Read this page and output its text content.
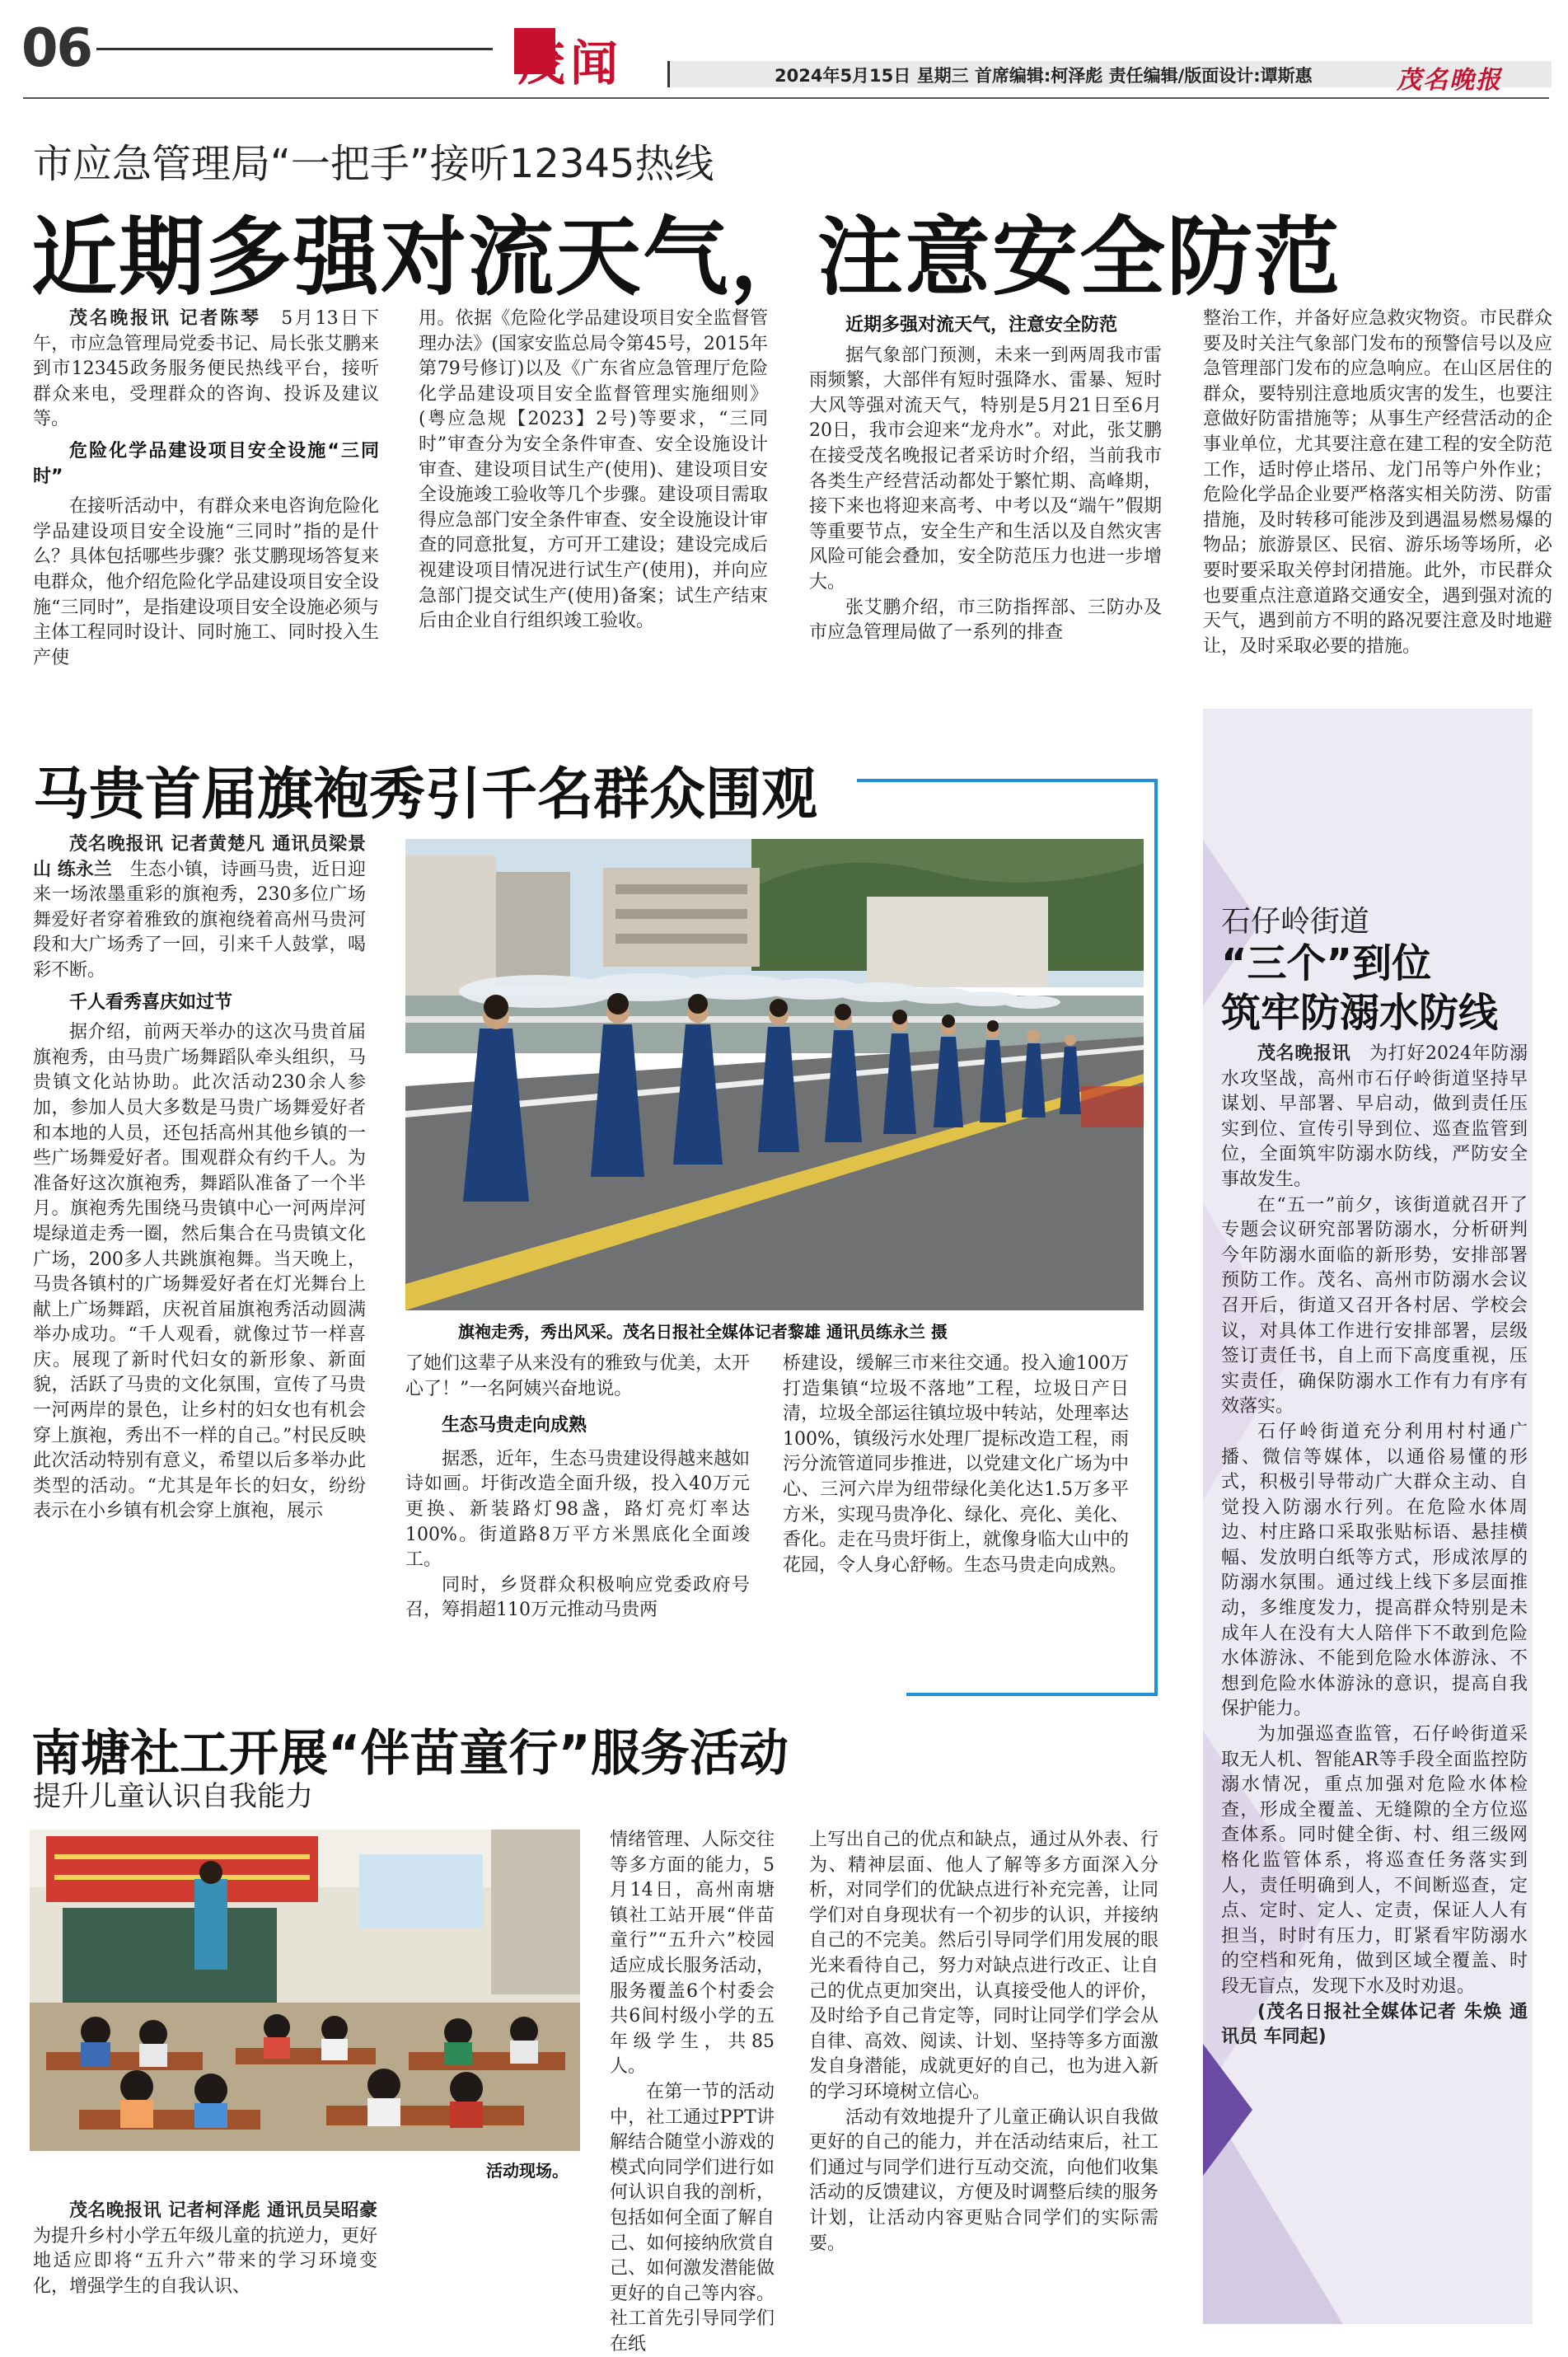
06	茂闻	2024年5月15日 星期三 首席编辑:柯泽彪 责任编辑/版面设计:谭斯惠	茂名晚报
市应急管理局“一把手”接听12345热线
近期多强对流天气，注意安全防范

茂名晚报讯 记者陈琴　 5月13日下午，市应急管理局党委书记、局长张艾鹏来到市12345政务服务便民热线平台，接听群众来电，受理群众的咨询、投诉及建议等。

危险化学品建设项目安全设施“三同时”

在接听活动中，有群众来电咨询危险化学品建设项目安全设施“三同时”指的是什么？具体包括哪些步骤？张艾鹏现场答复来电群众，他介绍危险化学品建设项目安全设施“三同时”，是指建设项目安全设施必须与主体工程同时设计、同时施工、同时投入生产使

用。依据《危险化学品建设项目安全监督管理办法》(国家安监总局令第45号，2015年第79号修订)以及《广东省应急管理厅危险化学品建设项目安全监督管理实施细则》(粤应急规【2023】2号)等要求，“三同时”审查分为安全条件审查、安全设施设计审查、建设项目试生产(使用)、建设项目安全设施竣工验收等几个步骤。建设项目需取得应急部门安全条件审查、安全设施设计审查的同意批复，方可开工建设；建设完成后视建设项目情况进行试生产(使用)，并向应急部门提交试生产(使用)备案；试生产结束后由企业自行组织竣工验收。

近期多强对流天气，注意安全防范

据气象部门预测，未来一到两周我市雷雨频繁，大部伴有短时强降水、雷暴、短时大风等强对流天气，特别是5月21日至6月20日，我市会迎来“龙舟水”。对此，张艾鹏在接受茂名晚报记者采访时介绍，当前我市各类生产经营活动都处于繁忙期、高峰期，接下来也将迎来高考、中考以及“端午”假期等重要节点，安全生产和生活以及自然灾害风险可能会叠加，安全防范压力也进一步增大。

张艾鹏介绍，市三防指挥部、三防办及市应急管理局做了一系列的排查

整治工作，并备好应急救灾物资。市民群众要及时关注气象部门发布的预警信号以及应急管理部门发布的应急响应。在山区居住的群众，要特别注意地质灾害的发生，也要注意做好防雷措施等；从事生产经营活动的企事业单位，尤其要注意在建工程的安全防范工作，适时停止塔吊、龙门吊等户外作业；危险化学品企业要严格落实相关防涝、防雷措施，及时转移可能涉及到遇温易燃易爆的物品；旅游景区、民宿、游乐场等场所，必要时要采取关停封闭措施。此外，市民群众也要重点注意道路交通安全，遇到强对流的天气，遇到前方不明的路况要注意及时地避让，及时采取必要的措施。

马贵首届旗袍秀引千名群众围观

茂名晚报讯 记者黄楚凡 通讯员梁景山 练永兰　 生态小镇，诗画马贵，近日迎来一场浓墨重彩的旗袍秀，230多位广场舞爱好者穿着雅致的旗袍绕着高州马贵河段和大广场秀了一回，引来千人鼓掌，喝彩不断。

千人看秀喜庆如过节

据介绍，前两天举办的这次马贵首届旗袍秀，由马贵广场舞蹈队牵头组织，马贵镇文化站协助。此次活动230余人参加，参加人员大多数是马贵广场舞爱好者和本地的人员，还包括高州其他乡镇的一些广场舞爱好者。围观群众有约千人。为准备好这次旗袍秀，舞蹈队准备了一个半月。旗袍秀先围绕马贵镇中心一河两岸河堤绿道走秀一圈，然后集合在马贵镇文化广场，200多人共跳旗袍舞。当天晚上，马贵各镇村的广场舞爱好者在灯光舞台上献上广场舞蹈，庆祝首届旗袍秀活动圆满举办成功。“千人观看，就像过节一样喜庆。展现了新时代妇女的新形象、新面貌，活跃了马贵的文化氛围，宣传了马贵一河两岸的景色，让乡村的妇女也有机会穿上旗袍，秀出不一样的自己。”村民反映此次活动特别有意义，希望以后多举办此类型的活动。“尤其是年长的妇女，纷纷表示在小乡镇有机会穿上旗袍，展示

旗袍走秀，秀出风采。茂名日报社全媒体记者黎雄 通讯员练永兰 摄

了她们这辈子从来没有的雅致与优美，太开心了！”一名阿姨兴奋地说。

生态马贵走向成熟

据悉，近年，生态马贵建设得越来越如诗如画。圩街改造全面升级，投入40万元更换、新装路灯98盏，路灯亮灯率达100%。街道路8万平方米黑底化全面竣工。

同时，乡贤群众积极响应党委政府号召，筹捐超110万元推动马贵两

桥建设，缓解三市来往交通。投入逾100万打造集镇“垃圾不落地”工程，垃圾日产日清，垃圾全部运往镇垃圾中转站，处理率达100%，镇级污水处理厂提标改造工程，雨污分流管道同步推进，以党建文化广场为中心、三河六岸为纽带绿化美化达1.5万多平方米，实现马贵净化、绿化、亮化、美化、香化。走在马贵圩街上，就像身临大山中的花园，令人身心舒畅。生态马贵走向成熟。

南塘社工开展“伴苗童行”服务活动
提升儿童认识自我能力
活动现场。

茂名晚报讯 记者柯泽彪 通讯员吴昭豪　为提升乡村小学五年级儿童的抗逆力，更好地适应即将“五升六”带来的学习环境变化，增强学生的自我认识、

情绪管理、人际交往等多方面的能力，5月14日，高州南塘镇社工站开展“伴苗童行”“五升六”校园适应成长服务活动，服务覆盖6个村委会共6间村级小学的五年级学生，共85人。

在第一节的活动中，社工通过PPT讲解结合随堂小游戏的模式向同学们进行如何认识自我的剖析，包括如何全面了解自己、如何接纳欣赏自己、如何激发潜能做更好的自己等内容。社工首先引导同学们在纸

上写出自己的优点和缺点，通过从外表、行为、精神层面、他人了解等多方面深入分析，对同学们的优缺点进行补充完善，让同学们对自身现状有一个初步的认识，并接纳自己的不完美。然后引导同学们用发展的眼光来看待自己，努力对缺点进行改正、让自己的优点更加突出，认真接受他人的评价，及时给予自己肯定等，同时让同学们学会从自律、高效、阅读、计划、坚持等多方面激发自身潜能，成就更好的自己，也为进入新的学习环境树立信心。

活动有效地提升了儿童正确认识自我做更好的自己的能力，并在活动结束后，社工们通过与同学们进行互动交流，向他们收集活动的反馈建议，方便及时调整后续的服务计划，让活动内容更贴合同学们的实际需要。

石仔岭街道
“三个”到位
筑牢防溺水防线

茂名晚报讯　 为打好2024年防溺水攻坚战，高州市石仔岭街道坚持早谋划、早部署、早启动，做到责任压实到位、宣传引导到位、巡查监管到位，全面筑牢防溺水防线，严防安全事故发生。

在“五一”前夕，该街道就召开了专题会议研究部署防溺水，分析研判今年防溺水面临的新形势，安排部署预防工作。茂名、高州市防溺水会议召开后，街道又召开各村居、学校会议，对具体工作进行安排部署，层级签订责任书，自上而下高度重视，压实责任，确保防溺水工作有力有序有效落实。

石仔岭街道充分利用村村通广播、微信等媒体，以通俗易懂的形式，积极引导带动广大群众主动、自觉投入防溺水行列。在危险水体周边、村庄路口采取张贴标语、悬挂横幅、发放明白纸等方式，形成浓厚的防溺水氛围。通过线上线下多层面推动，多维度发力，提高群众特别是未成年人在没有大人陪伴下不敢到危险水体游泳、不能到危险水体游泳、不想到危险水体游泳的意识，提高自我保护能力。

为加强巡查监管，石仔岭街道采取无人机、智能AR等手段全面监控防溺水情况，重点加强对危险水体检查，形成全覆盖、无缝隙的全方位巡查体系。同时健全街、村、组三级网格化监管体系，将巡查任务落实到人，责任明确到人，不间断巡查，定点、定时、定人、定责，保证人人有担当，时时有压力，盯紧看牢防溺水的空档和死角，做到区域全覆盖、时段无盲点，发现下水及时劝退。

(茂名日报社全媒体记者 朱焕 通讯员 车同起)
